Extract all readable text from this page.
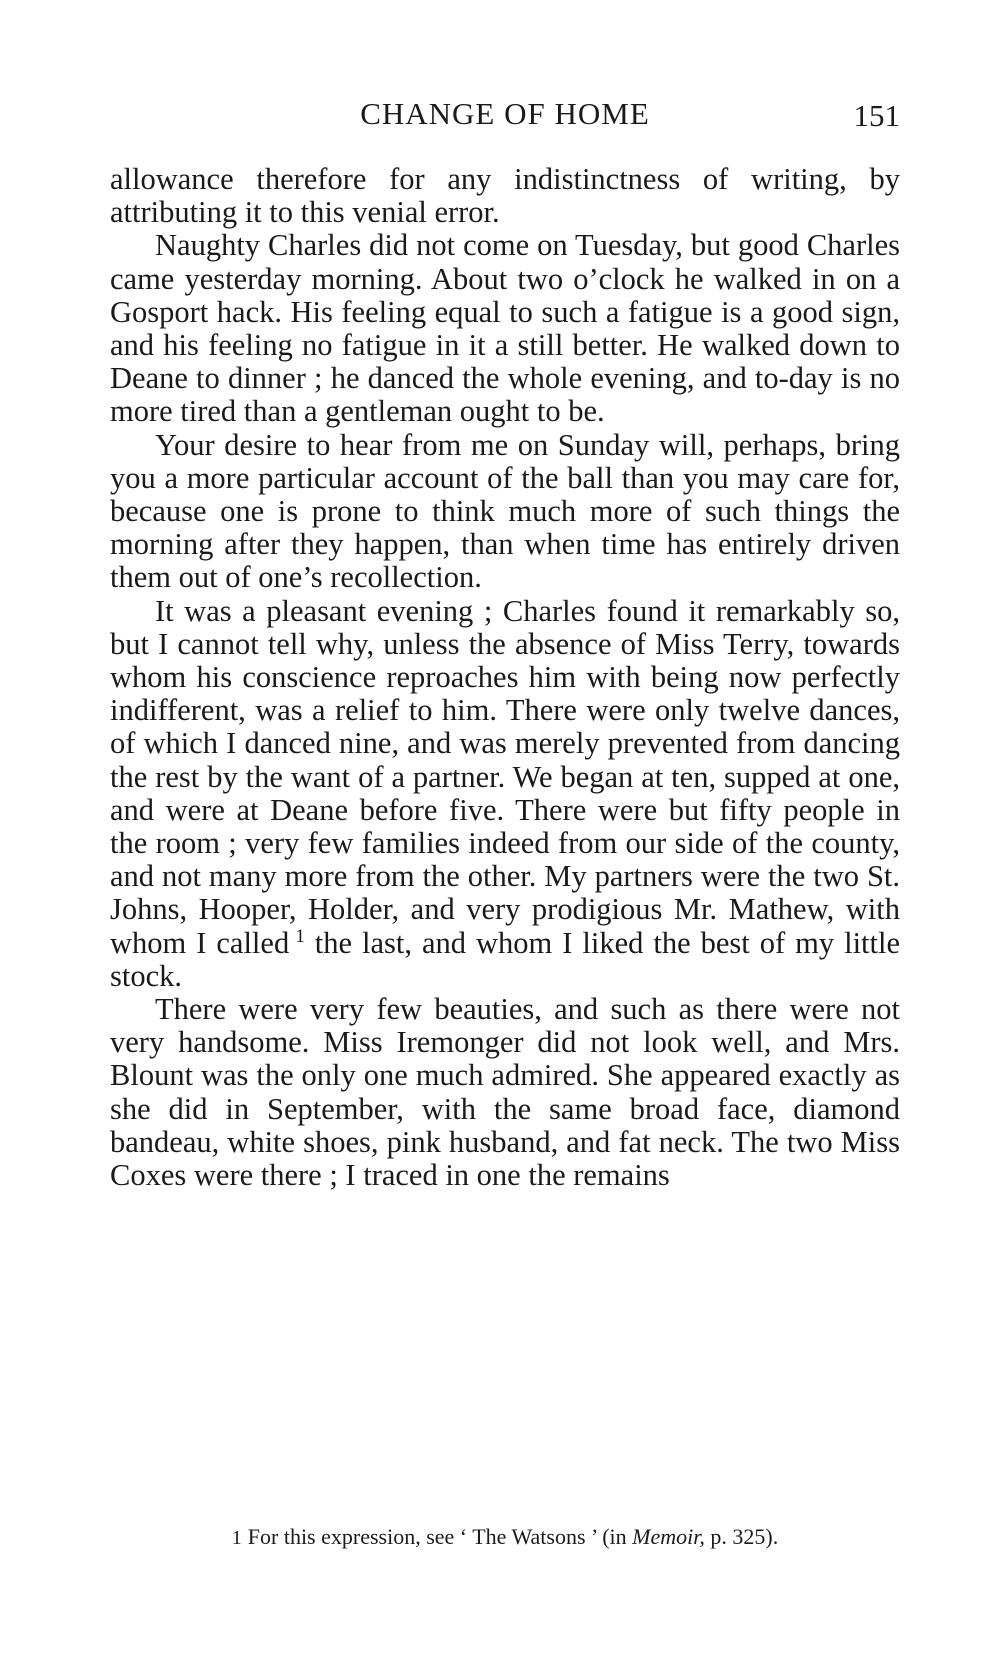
CHANGE OF HOME	151

allowance therefore for any indistinctness of writing, by attributing it to this venial error.

Naughty Charles did not come on Tuesday, but good Charles came yesterday morning. About two o’clock he walked in on a Gosport hack. His feeling equal to such a fatigue is a good sign, and his feeling no fatigue in it a still better. He walked down to Deane to dinner ; he danced the whole evening, and to-day is no more tired than a gentleman ought to be.

Your desire to hear from me on Sunday will, perhaps, bring you a more particular account of the ball than you may care for, because one is prone to think much more of such things the morning after they happen, than when time has entirely driven them out of one’s recollection.

It was a pleasant evening ; Charles found it remarkably so, but I cannot tell why, unless the absence of Miss Terry, towards whom his conscience reproaches him with being now perfectly indifferent, was a relief to him. There were only twelve dances, of which I danced nine, and was merely prevented from dancing the rest by the want of a partner. We began at ten, supped at one, and were at Deane before five. There were but fifty people in the room ; very few families indeed from our side of the county, and not many more from the other. My partners were the two St. Johns, Hooper, Holder, and very prodigious Mr. Mathew, with whom I called  $^1$ the last, and whom I liked the best of my little stock.

There were very few beauties, and such as there were not very handsome. Miss Iremonger did not look well, and Mrs. Blount was the only one much admired. She appeared exactly as she did in September, with the same broad face, diamond bandeau, white shoes, pink husband, and fat neck. The two Miss Coxes were there ; I traced in one the remains

1 For this expression, see ‘ The Watsons ’ (in Memoir, p. 325).
